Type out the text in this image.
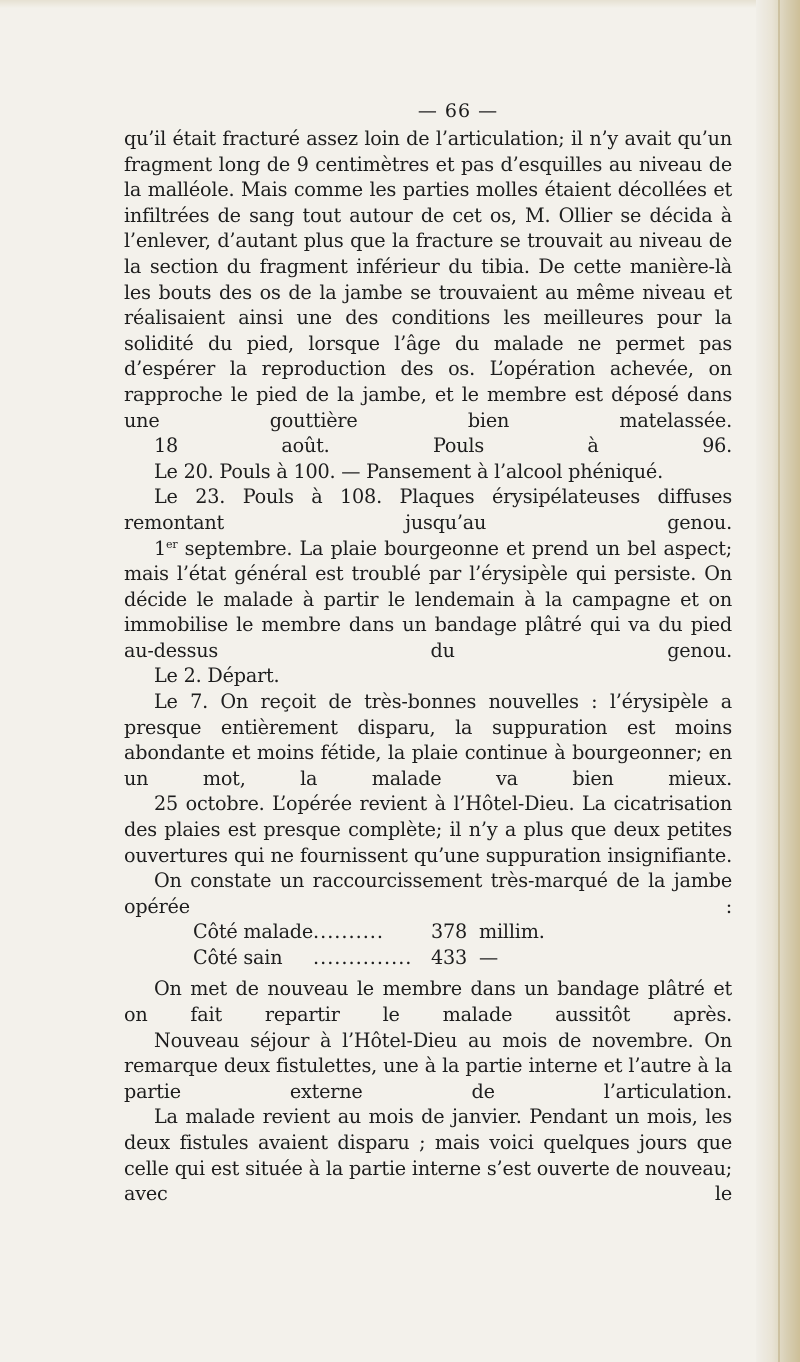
— 66 —

qu’il était fracturé assez loin de l’articulation; il n’y avait qu’un fragment long de 9 centimètres et pas d’esquilles au niveau de la malléole. Mais comme les parties molles étaient décollées et infiltrées de sang tout autour de cet os, M. Ollier se décida à l’enlever, d’autant plus que la fracture se trouvait au niveau de la section du fragment inférieur du tibia. De cette manière-là les bouts des os de la jambe se trouvaient au même niveau et réalisaient ainsi une des conditions les meilleures pour la solidité du pied, lorsque l’âge du malade ne permet pas d’espérer la reproduction des os. L’opération achevée, on rapproche le pied de la jambe, et le membre est déposé dans une gouttière bien matelassée.

18 août. Pouls à 96.

Le 20. Pouls à 100. — Pansement à l’alcool phéniqué.

Le 23. Pouls à 108. Plaques érysipélateuses diffuses remontant jusqu’au genou.

1er septembre. La plaie bourgeonne et prend un bel aspect; mais l’état général est troublé par l’érysipèle qui persiste. On décide le malade à partir le lendemain à la campagne et on immobilise le membre dans un bandage plâtré qui va du pied au-dessus du genou.

Le 2. Départ.

Le 7. On reçoit de très-bonnes nouvelles : l’érysipèle a presque entièrement disparu, la suppuration est moins abondante et moins fétide, la plaie continue à bourgeonner; en un mot, la malade va bien mieux.

25 octobre. L’opérée revient à l’Hôtel-Dieu. La cicatrisation des plaies est presque complète; il n’y a plus que deux petites ouvertures qui ne fournissent qu’une suppuration insignifiante.

On constate un raccourcissement très-marqué de la jambe opérée :

Côté malade ..........	378 millim.
Côté sain	.............. 433 —

On met de nouveau le membre dans un bandage plâtré et on fait repartir le malade aussitôt après.

Nouveau séjour à l’Hôtel-Dieu au mois de novembre. On remarque deux fistulettes, une à la partie interne et l’autre à la partie externe de l’articulation.

La malade revient au mois de janvier. Pendant un mois, les deux fistules avaient disparu ; mais voici quelques jours que celle qui est située à la partie interne s’est ouverte de nouveau; avec le
